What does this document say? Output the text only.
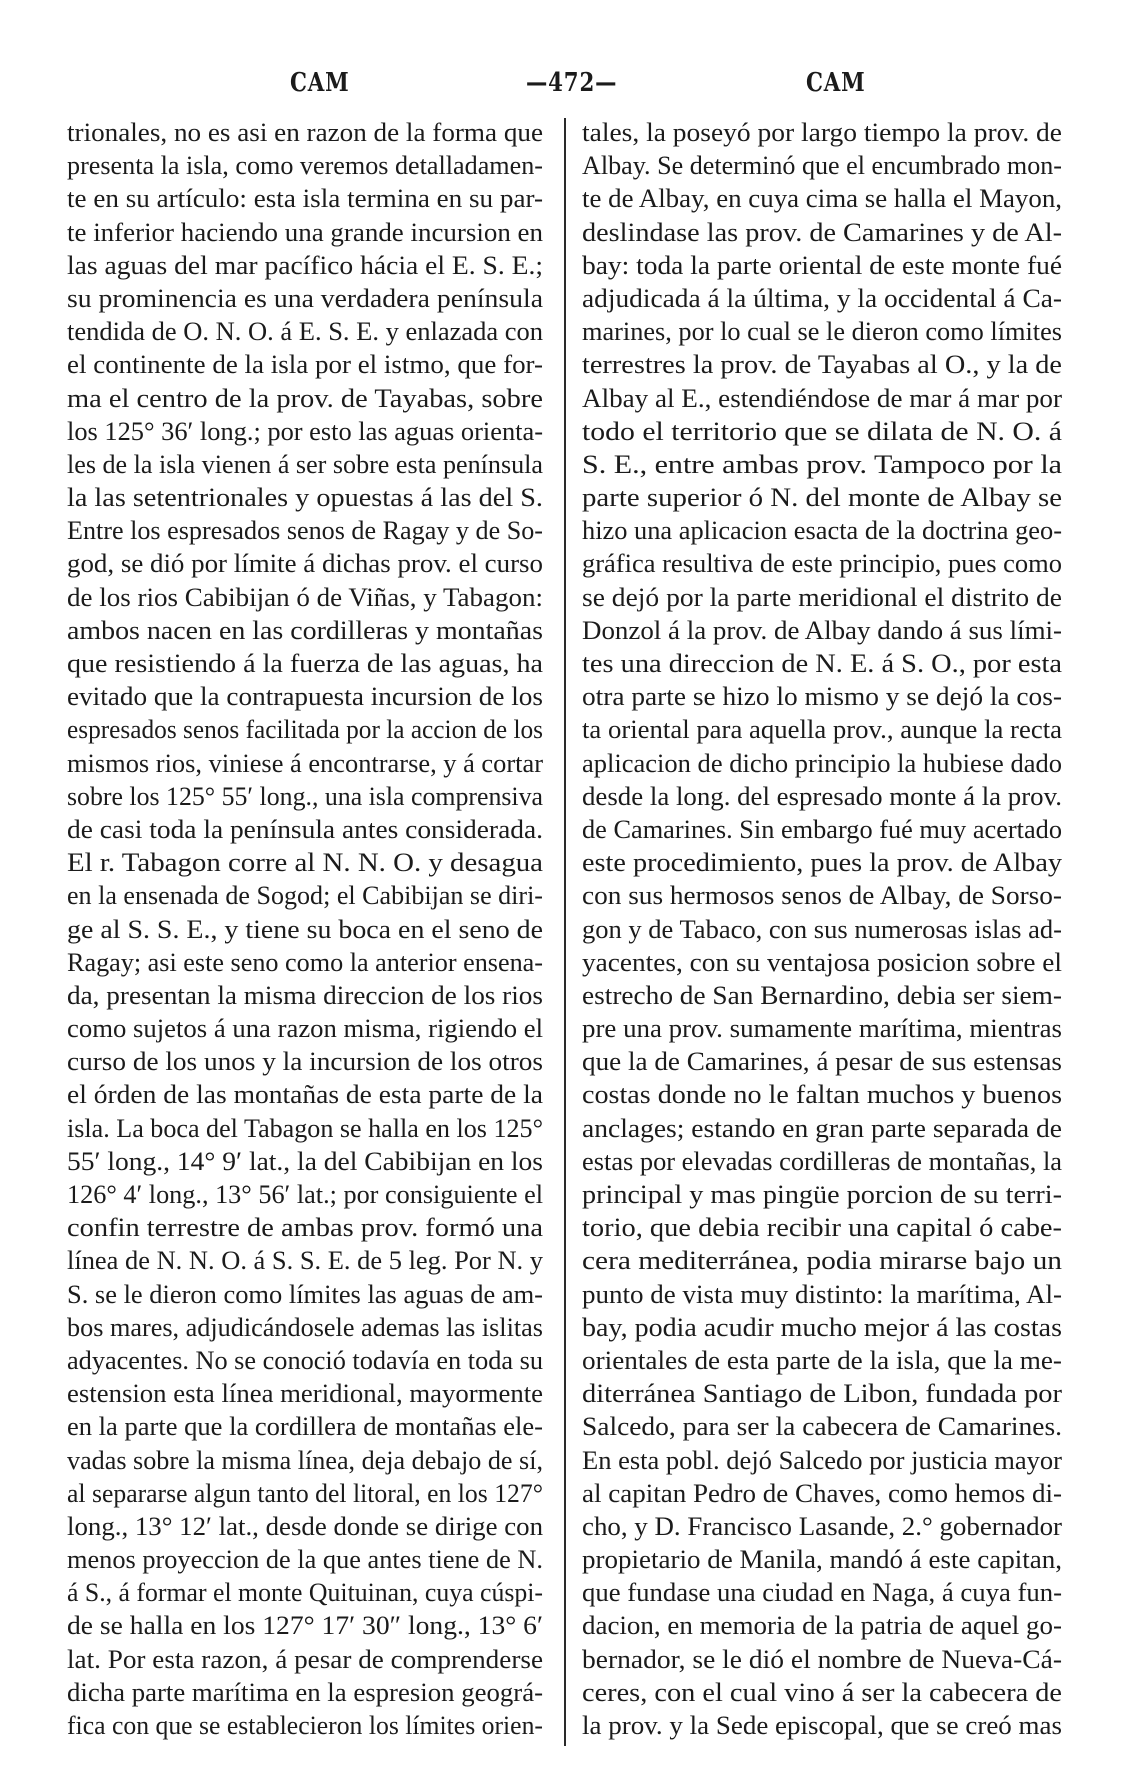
CAM	—472—	CAM
trionales, no es asi en razon de la forma que
presenta la isla, como veremos detalladamen-
te en su artículo: esta isla termina en su par-
te inferior haciendo una grande incursion en
las aguas del mar pacífico hácia el E. S. E.;
su prominencia es una verdadera península
tendida de O. N. O. á E. S. E. y enlazada con
el continente de la isla por el istmo, que for-
ma el centro de la prov. de Tayabas, sobre
los 125° 36′ long.; por esto las aguas orienta-
les de la isla vienen á ser sobre esta península
la las setentrionales y opuestas á las del S.
Entre los espresados senos de Ragay y de So-
god, se dió por límite á dichas prov. el curso
de los rios Cabibijan ó de Viñas, y Tabagon:
ambos nacen en las cordilleras y montañas
que resistiendo á la fuerza de las aguas, ha
evitado que la contrapuesta incursion de los
espresados senos facilitada por la accion de los
mismos rios, viniese á encontrarse, y á cortar
sobre los 125° 55′ long., una isla comprensiva
de casi toda la península antes considerada.
El r. Tabagon corre al N. N. O. y desagua
en la ensenada de Sogod; el Cabibijan se diri-
ge al S. S. E., y tiene su boca en el seno de
Ragay; asi este seno como la anterior ensena-
da, presentan la misma direccion de los rios
como sujetos á una razon misma, rigiendo el
curso de los unos y la incursion de los otros
el órden de las montañas de esta parte de la
isla. La boca del Tabagon se halla en los 125°
55′ long., 14° 9′ lat., la del Cabibijan en los
126° 4′ long., 13° 56′ lat.; por consiguiente el
confin terrestre de ambas prov. formó una
línea de N. N. O. á S. S. E. de 5 leg. Por N. y
S. se le dieron como límites las aguas de am-
bos mares, adjudicándosele ademas las islitas
adyacentes. No se conoció todavía en toda su
estension esta línea meridional, mayormente
en la parte que la cordillera de montañas ele-
vadas sobre la misma línea, deja debajo de sí,
al separarse algun tanto del litoral, en los 127°
long., 13° 12′ lat., desde donde se dirige con
menos proyeccion de la que antes tiene de N.
á S., á formar el monte Quituinan, cuya cúspi-
de se halla en los 127° 17′ 30″ long., 13° 6′
lat. Por esta razon, á pesar de comprenderse
dicha parte marítima en la espresion geográ-
fica con que se establecieron los límites orien-
tales, la poseyó por largo tiempo la prov. de
Albay. Se determinó que el encumbrado mon-
te de Albay, en cuya cima se halla el Mayon,
deslindase las prov. de Camarines y de Al-
bay: toda la parte oriental de este monte fué
adjudicada á la última, y la occidental á Ca-
marines, por lo cual se le dieron como límites
terrestres la prov. de Tayabas al O., y la de
Albay al E., estendiéndose de mar á mar por
todo el territorio que se dilata de N. O. á
S. E., entre ambas prov. Tampoco por la
parte superior ó N. del monte de Albay se
hizo una aplicacion esacta de la doctrina geo-
gráfica resultiva de este principio, pues como
se dejó por la parte meridional el distrito de
Donzol á la prov. de Albay dando á sus lími-
tes una direccion de N. E. á S. O., por esta
otra parte se hizo lo mismo y se dejó la cos-
ta oriental para aquella prov., aunque la recta
aplicacion de dicho principio la hubiese dado
desde la long. del espresado monte á la prov.
de Camarines. Sin embargo fué muy acertado
este procedimiento, pues la prov. de Albay
con sus hermosos senos de Albay, de Sorso-
gon y de Tabaco, con sus numerosas islas ad-
yacentes, con su ventajosa posicion sobre el
estrecho de San Bernardino, debia ser siem-
pre una prov. sumamente marítima, mientras
que la de Camarines, á pesar de sus estensas
costas donde no le faltan muchos y buenos
anclages; estando en gran parte separada de
estas por elevadas cordilleras de montañas, la
principal y mas pingüe porcion de su terri-
torio, que debia recibir una capital ó cabe-
cera mediterránea, podia mirarse bajo un
punto de vista muy distinto: la marítima, Al-
bay, podia acudir mucho mejor á las costas
orientales de esta parte de la isla, que la me-
diterránea Santiago de Libon, fundada por
Salcedo, para ser la cabecera de Camarines.
En esta pobl. dejó Salcedo por justicia mayor
al capitan Pedro de Chaves, como hemos di-
cho, y D. Francisco Lasande, 2.° gobernador
propietario de Manila, mandó á este capitan,
que fundase una ciudad en Naga, á cuya fun-
dacion, en memoria de la patria de aquel go-
bernador, se le dió el nombre de Nueva-Cá-
ceres, con el cual vino á ser la cabecera de
la prov. y la Sede episcopal, que se creó mas
